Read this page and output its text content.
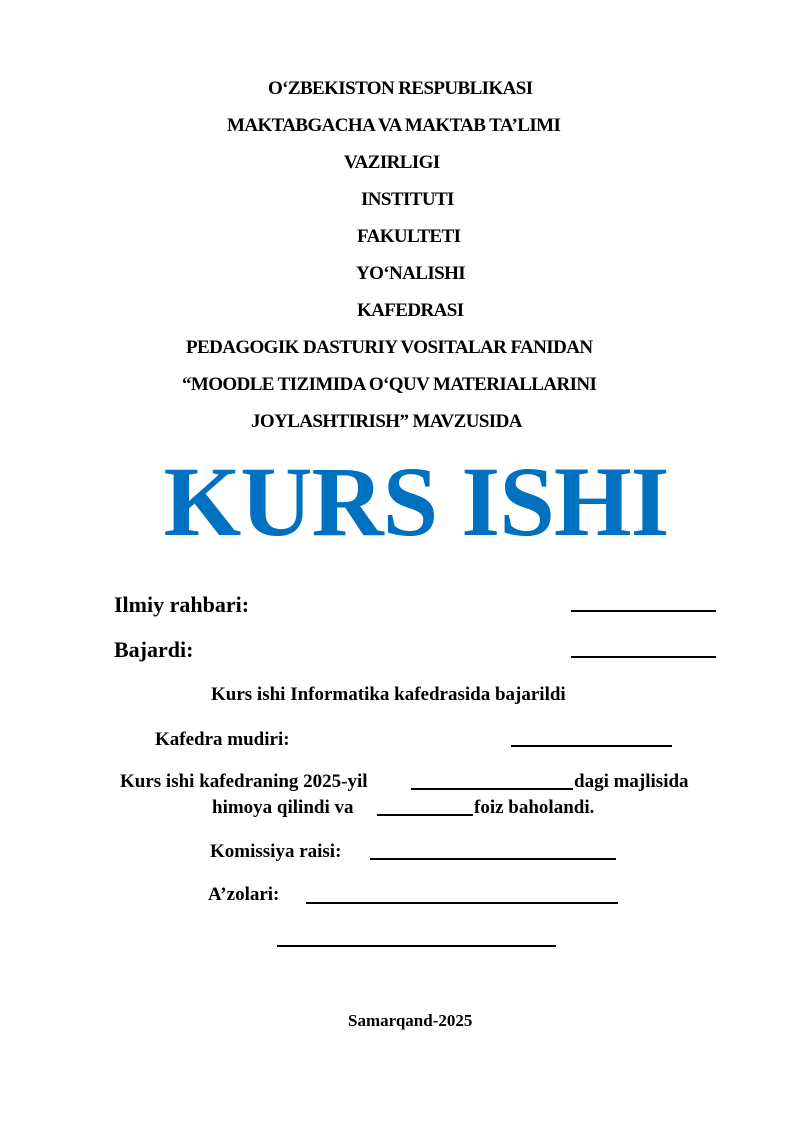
O‘ZBEKISTON RESPUBLIKASI
MAKTABGACHA VA MAKTAB TA’LIMI
VAZIRLIGI
INSTITUTI
FAKULTETI
YO‘NALISHI
KAFEDRASI
PEDAGOGIK DASTURIY VOSITALAR FANIDAN
“MOODLE TIZIMIDA O‘QUV MATERIALLARINI
JOYLASHTIRISH” MAVZUSIDA
KURS ISHI
Ilmiy rahbari:
Bajardi:
Kurs ishi Informatika kafedrasida bajarildi
Kafedra mudiri:
Kurs ishi kafedraning 2025-yil	dagi majlisida
himoya qilindi va	foiz baholandi.
Komissiya raisi:
A’zolari:
Samarqand-2025
